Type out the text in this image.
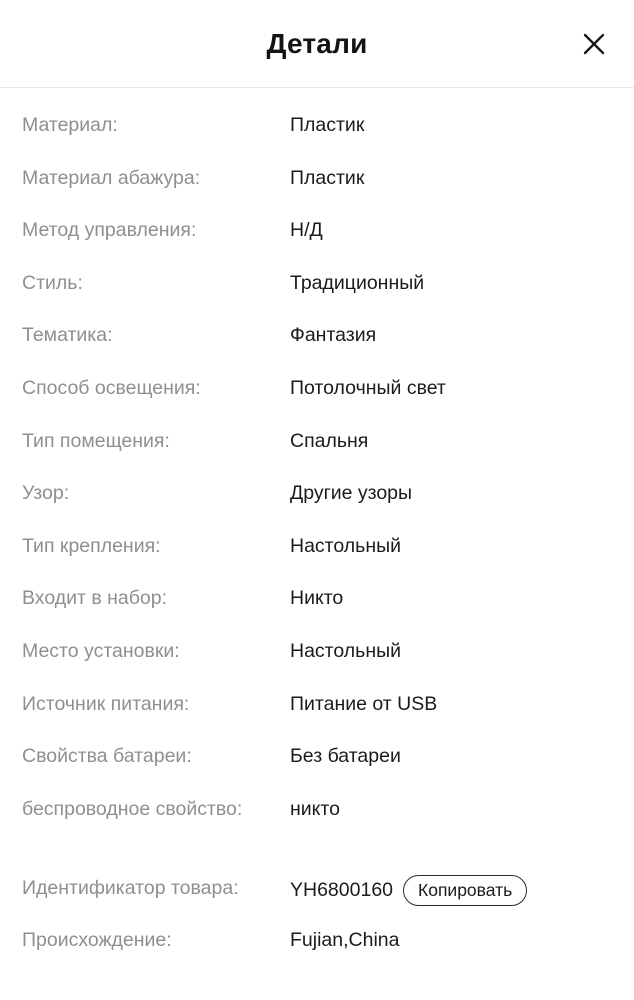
Детали
Материал:	Пластик
Материал абажура:	Пластик
Метод управления:	Н/Д
Стиль:	Традиционный
Тематика:	Фантазия
Способ освещения:	Потолочный свет
Тип помещения:	Спальня
Узор:	Другие узоры
Тип крепления:	Настольный
Входит в набор:	Никто
Место установки:	Настольный
Источник питания:	Питание от USB
Свойства батареи:	Без батареи
беспроводное свойство:	никто
Идентификатор товара:	YH6800160	Копировать
Происхождение:	Fujian,China
